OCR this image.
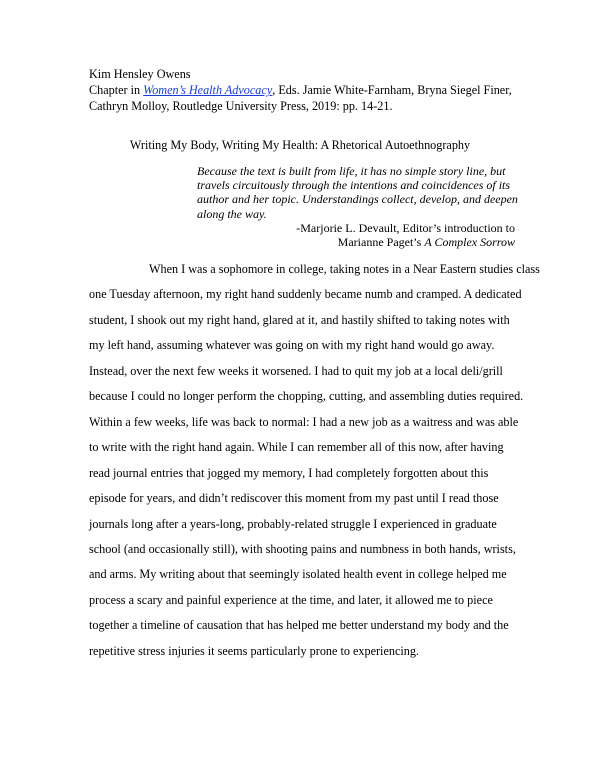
Kim Hensley Owens
Chapter in Women’s Health Advocacy, Eds. Jamie White-Farnham, Bryna Siegel Finer,
Cathryn Molloy, Routledge University Press, 2019: pp. 14-21.
Writing My Body, Writing My Health: A Rhetorical Autoethnography
Because the text is built from life, it has no simple story line, but
travels circuitously through the intentions and coincidences of its
author and her topic. Understandings collect, develop, and deepen
along the way.
-Marjorie L. Devault, Editor’s introduction to
Marianne Paget’s A Complex Sorrow
When I was a sophomore in college, taking notes in a Near Eastern studies class
one Tuesday afternoon, my right hand suddenly became numb and cramped. A dedicated
student, I shook out my right hand, glared at it, and hastily shifted to taking notes with
my left hand, assuming whatever was going on with my right hand would go away.
Instead, over the next few weeks it worsened. I had to quit my job at a local deli/grill
because I could no longer perform the chopping, cutting, and assembling duties required.
Within a few weeks, life was back to normal: I had a new job as a waitress and was able
to write with the right hand again. While I can remember all of this now, after having
read journal entries that jogged my memory, I had completely forgotten about this
episode for years, and didn’t rediscover this moment from my past until I read those
journals long after a years-long, probably-related struggle I experienced in graduate
school (and occasionally still), with shooting pains and numbness in both hands, wrists,
and arms. My writing about that seemingly isolated health event in college helped me
process a scary and painful experience at the time, and later, it allowed me to piece
together a timeline of causation that has helped me better understand my body and the
repetitive stress injuries it seems particularly prone to experiencing.
